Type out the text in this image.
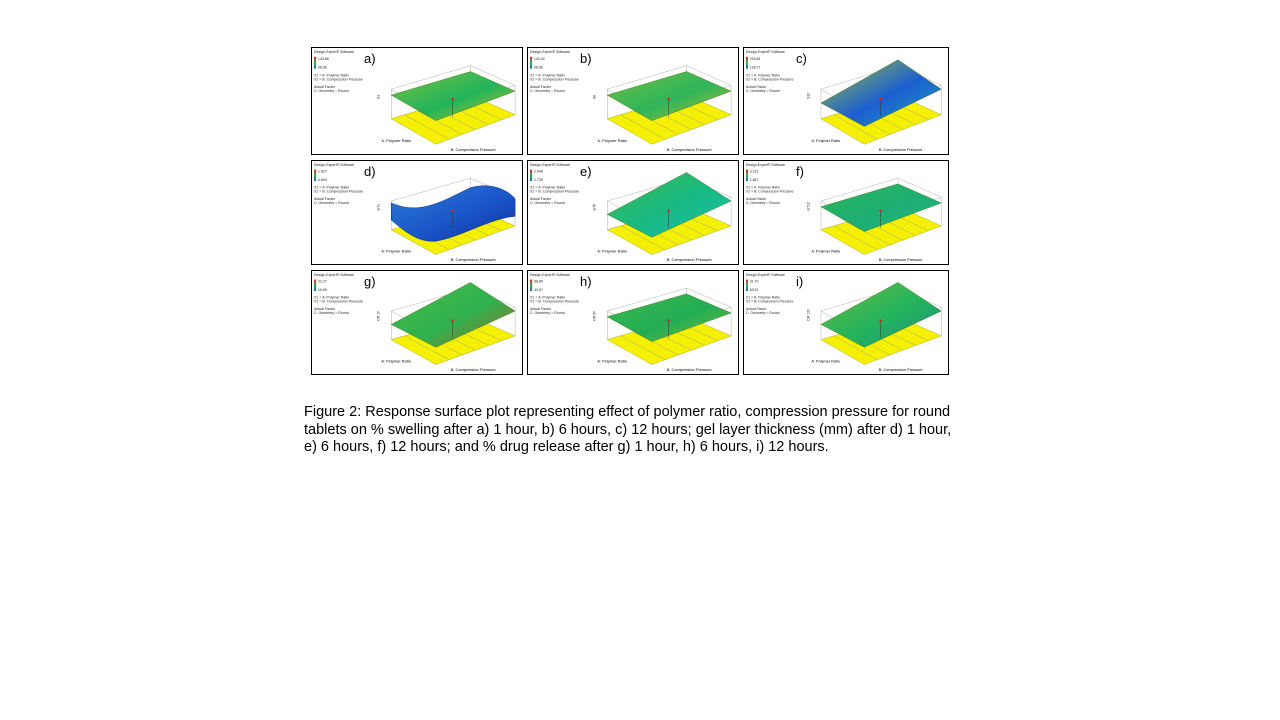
Design-Expert® Software
143.68
98.86
X1 = A: Polymer Ratio
X2 = B: Compression Pressure
Actual Factor
C: Geometry = Round
S1
A: Polymer Ratio
B: Compression Pressure
a)	Design-Expert® Software
143.92
98.86
X1 = A: Polymer Ratio
X2 = B: Compression Pressure
Actual Factor
C: Geometry = Round
S6
A: Polymer Ratio
B: Compression Pressure
b)	Design-Expert® Software
203.84
128.77
X1 = A: Polymer Ratio
X2 = B: Compression Pressure
Actual Factor
C: Geometry = Round
S12
A: Polymer Ratio
B: Compression Pressure
c)
Design-Expert® Software
1.827
0.894
X1 = A: Polymer Ratio
X2 = B: Compression Pressure
Actual Factor
C: Geometry = Round
GT1
A: Polymer Ratio
B: Compression Pressure
d)	Design-Expert® Software
2.648
1.739
X1 = A: Polymer Ratio
X2 = B: Compression Pressure
Actual Factor
C: Geometry = Round
GT6
A: Polymer Ratio
B: Compression Pressure
e)	Design-Expert® Software
3.151
1.867
X1 = A: Polymer Ratio
X2 = B: Compression Pressure
Actual Factor
C: Geometry = Round	GT12
A: Polymer Ratio
B: Compression Pressure
f)
Design-Expert® Software
22.27
10.65
X1 = A: Polymer Ratio
X2 = B: Compression Pressure
Actual Factor
C: Geometry = Round	DR 1h
A: Polymer Ratio
B: Compression Pressure
g)	Design-Expert® Software
68.85
44.07
X1 = A: Polymer Ratio
X2 = B: Compression Pressure
Actual Factor
C: Geometry = Round	DR 6h
A: Polymer Ratio
B: Compression Pressure
h)	Design-Expert® Software
91.79
63.51
X1 = A: Polymer Ratio
X2 = B: Compression Pressure
Actual Factor
C: Geometry = Round	DR 12h
A: Polymer Ratio
B: Compression Pressure
i)
Figure 2: Response surface plot representing effect of polymer ratio, compression pressure for round tablets on % swelling after a) 1 hour, b) 6 hours, c) 12 hours; gel layer thickness (mm) after d) 1 hour, e) 6 hours, f) 12 hours; and % drug release after g) 1 hour, h) 6 hours, i) 12 hours.
